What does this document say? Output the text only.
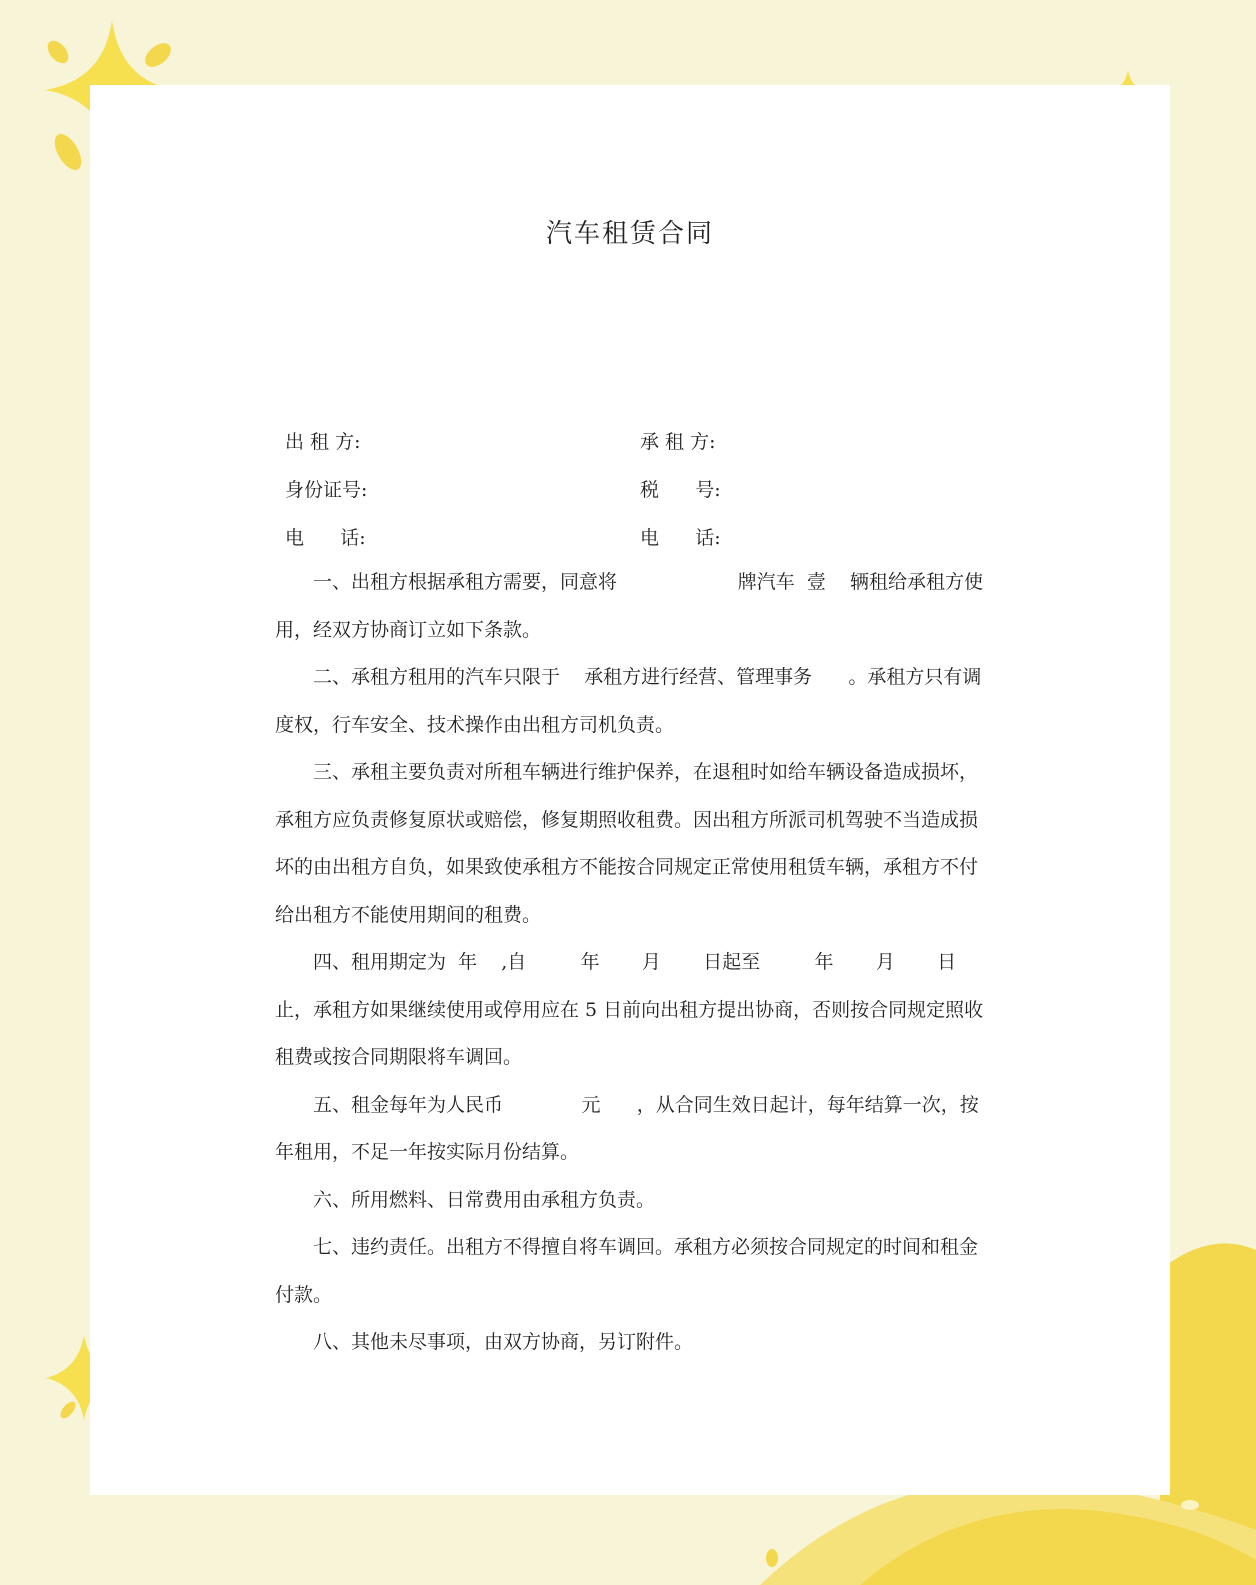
汽车租赁合同
出 租 方:	承 租 方:
身份证号:	税      号:
电      话:	电      话:

一、出租方根据承租方需要，同意将                    牌汽车  壹    辆租给承租方使用，经双方协商订立如下条款。

二、承租方租用的汽车只限于    承租方进行经营、管理事务      。承租方只有调度权，行车安全、技术操作由出租方司机负责。

三、承租主要负责对所租车辆进行维护保养，在退租时如给车辆设备造成损坏，承租方应负责修复原状或赔偿，修复期照收租费。因出租方所派司机驾驶不当造成损坏的由出租方自负，如果致使承租方不能按合同规定正常使用租赁车辆，承租方不付给出租方不能使用期间的租费。

四、租用期定为  年    ,自         年       月       日起至         年       月       日止，承租方如果继续使用或停用应在 5 日前向出租方提出协商，否则按合同规定照收租费或按合同期限将车调回。

五、租金每年为人民币             元      ，从合同生效日起计，每年结算一次，按年租用，不足一年按实际月份结算。

六、所用燃料、日常费用由承租方负责。

七、违约责任。出租方不得擅自将车调回。承租方必须按合同规定的时间和租金付款。

八、其他未尽事项，由双方协商，另订附件。
